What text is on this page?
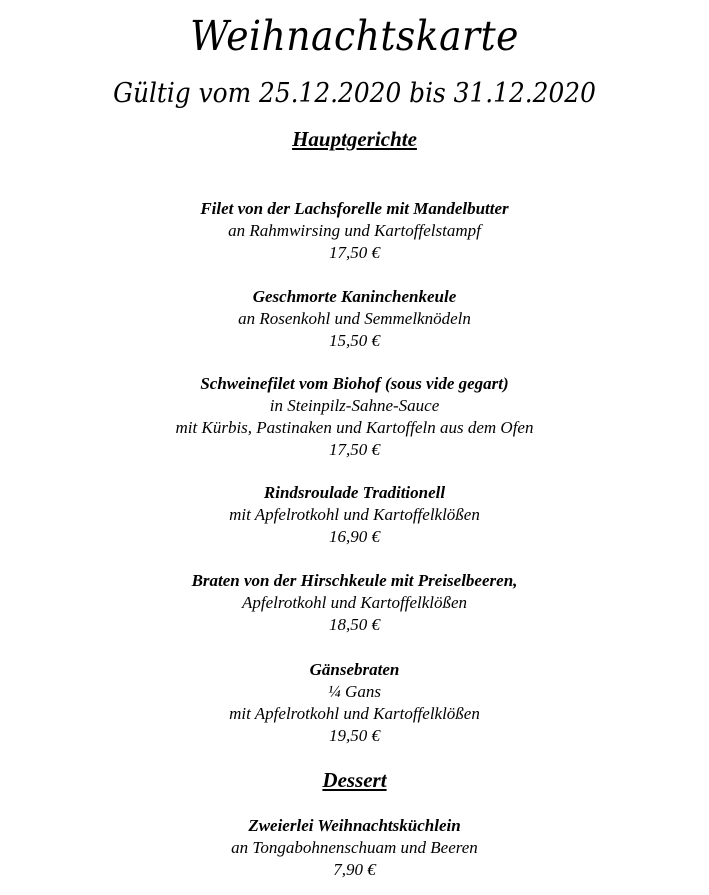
Weihnachtskarte
Gültig vom 25.12.2020 bis 31.12.2020
Hauptgerichte
Filet von der Lachsforelle mit Mandelbutter
an Rahmwirsing und Kartoffelstampf
17,50 €
Geschmorte Kaninchenkeule
an Rosenkohl und Semmelknödeln
15,50 €
Schweinefilet vom Biohof (sous vide gegart)
in Steinpilz-Sahne-Sauce
mit Kürbis, Pastinaken und Kartoffeln aus dem Ofen
17,50 €
Rindsroulade Traditionell
mit Apfelrotkohl und Kartoffelklößen
16,90 €
Braten von der Hirschkeule mit Preiselbeeren,
Apfelrotkohl und Kartoffelklößen
18,50 €
Gänsebraten
¼ Gans
mit Apfelrotkohl und Kartoffelklößen
19,50 €
Dessert
Zweierlei Weihnachtsküchlein
an Tongabohnenschuam und Beeren
7,90 €
